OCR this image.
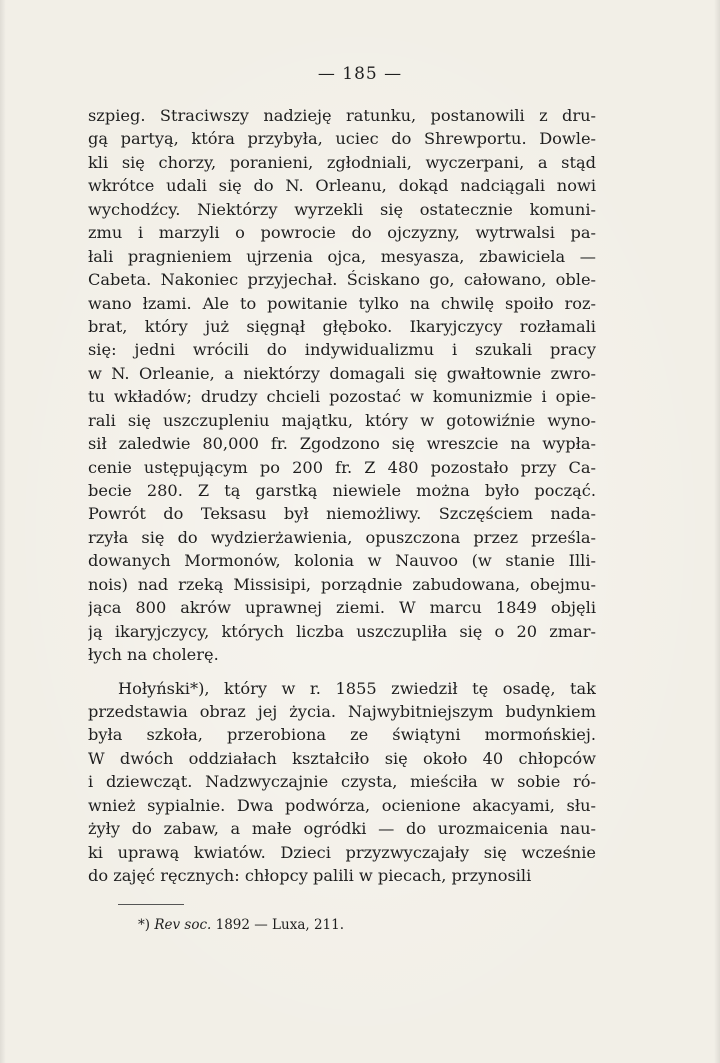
— 185 —
szpieg. Straciwszy nadzieję ratunku, postanowili z dru-
gą partyą, która przybyła, uciec do Shrewportu. Dowle-
kli się chorzy, poranieni, zgłodniali, wyczerpani, a stąd
wkrótce udali się do N. Orleanu, dokąd nadciągali nowi
wychodźcy. Niektórzy wyrzekli się ostatecznie komuni-
zmu i marzyli o powrocie do ojczyzny, wytrwalsi pa-
łali pragnieniem ujrzenia ojca, mesyasza, zbawiciela —
Cabeta. Nakoniec przyjechał. Ściskano go, całowano, oble-
wano łzami. Ale to powitanie tylko na chwilę spoiło roz-
brat, który już sięgnął głęboko. Ikaryjczycy rozłamali
się: jedni wrócili do indywidualizmu i szukali pracy
w N. Orleanie, a niektórzy domagali się gwałtownie zwro-
tu wkładów; drudzy chcieli pozostać w komunizmie i opie-
rali się uszczupleniu majątku, który w gotowiźnie wyno-
sił zaledwie 80,000 fr. Zgodzono się wreszcie na wypła-
cenie ustępującym po 200 fr. Z 480 pozostało przy Ca-
becie 280. Z tą garstką niewiele można było począć.
Powrót do Teksasu był niemożliwy. Szczęściem nada-
rzyła się do wydzierżawienia, opuszczona przez prześla-
dowanych Mormonów, kolonia w Nauvoo (w stanie Illi-
nois) nad rzeką Missisipi, porządnie zabudowana, obejmu-
jąca 800 akrów uprawnej ziemi. W marcu 1849 objęli
ją ikaryjczycy, których liczba uszczupliła się o 20 zmar-
łych na cholerę.
Hołyński*), który w r. 1855 zwiedził tę osadę, tak
przedstawia obraz jej życia. Najwybitniejszym budynkiem
była szkoła, przerobiona ze świątyni mormońskiej.
W dwóch oddziałach kształciło się około 40 chłopców
i dziewcząt. Nadzwyczajnie czysta, mieściła w sobie ró-
wnież sypialnie. Dwa podwórza, ocienione akacyami, słu-
żyły do zabaw, a małe ogródki — do urozmaicenia nau-
ki uprawą kwiatów. Dzieci przyzwyczajały się wcześnie
do zajęć ręcznych: chłopcy palili w piecach, przynosili
*) Rev soc. 1892 — Luxa, 211.
